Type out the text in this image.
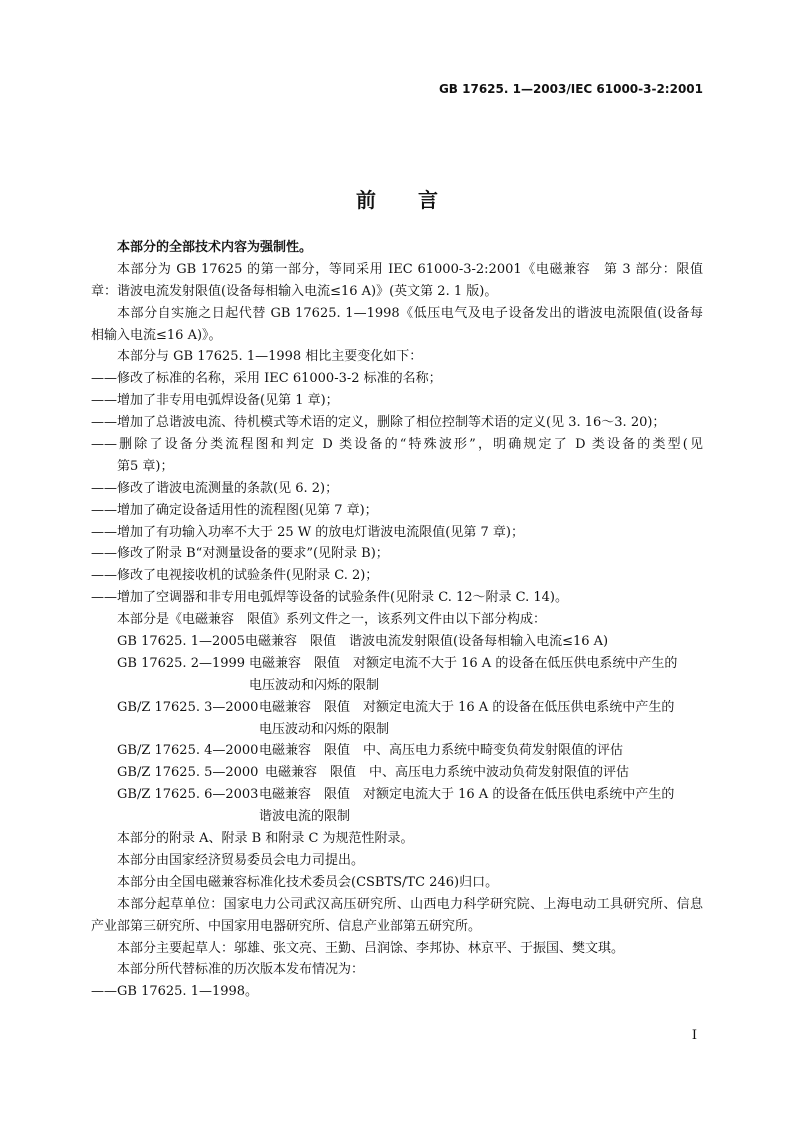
GB 17625. 1—2003/IEC 61000-3-2:2001
前言
本部分的全部技术内容为强制性。
本部分为 GB 17625 的第一部分，等同采用 IEC 61000-3-2:2001《电磁兼容　第 3 部分：限值　
章：谐波电流发射限值(设备每相输入电流≤16 A)》(英文第 2. 1 版)。
本部分自实施之日起代替 GB 17625. 1—1998《低压电气及电子设备发出的谐波电流限值(设备每
相输入电流≤16 A)》。
本部分与 GB 17625. 1—1998 相比主要变化如下：
——修改了标准的名称，采用 IEC 61000-3-2 标准的名称；
——增加了非专用电弧焊设备(见第 1 章)；
——增加了总谐波电流、待机模式等术语的定义，删除了相位控制等术语的定义(见 3. 16～3. 20)；
——删除了设备分类流程图和判定 D 类设备的“特殊波形”，明确规定了 D 类设备的类型(见
第5 章)；
——修改了谐波电流测量的条款(见 6. 2)；
——增加了确定设备适用性的流程图(见第 7 章)；
——增加了有功输入功率不大于 25 W 的放电灯谐波电流限值(见第 7 章)；
——修改了附录 B“对测量设备的要求”(见附录 B)；
——修改了电视接收机的试验条件(见附录 C. 2)；
——增加了空调器和非专用电弧焊等设备的试验条件(见附录 C. 12～附录 C. 14)。
本部分是《电磁兼容　限值》系列文件之一，该系列文件由以下部分构成：
GB 17625. 1—2005 电磁兼容　限值　谐波电流发射限值(设备每相输入电流≤16 A)
GB 17625. 2—1999 电磁兼容　限值　对额定电流不大于 16 A 的设备在低压供电系统中产生的
电压波动和闪烁的限制
GB/Z 17625. 3—2000 电磁兼容　限值　对额定电流大于 16 A 的设备在低压供电系统中产生的
电压波动和闪烁的限制
GB/Z 17625. 4—2000 电磁兼容　限值　中、高压电力系统中畸变负荷发射限值的评估
GB/Z 17625. 5—2000 电磁兼容　限值　中、高压电力系统中波动负荷发射限值的评估
GB/Z 17625. 6—2003 电磁兼容　限值　对额定电流大于 16 A 的设备在低压供电系统中产生的
谐波电流的限制
本部分的附录 A、附录 B 和附录 C 为规范性附录。
本部分由国家经济贸易委员会电力司提出。
本部分由全国电磁兼容标准化技术委员会(CSBTS/TC 246)归口。
本部分起草单位：国家电力公司武汉高压研究所、山西电力科学研究院、上海电动工具研究所、信息
产业部第三研究所、中国家用电器研究所、信息产业部第五研究所。
本部分主要起草人：邬雄、张文亮、王勤、吕润馀、李邦协、林京平、于振国、樊文琪。
本部分所代替标准的历次版本发布情况为：
——GB 17625. 1—1998。
I
